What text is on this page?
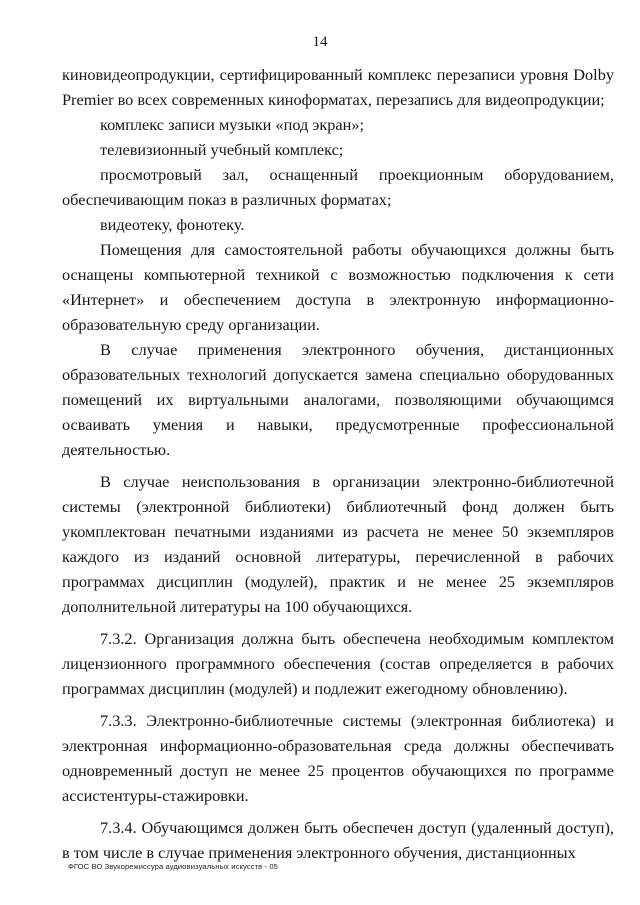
14

киновидеопродукции, сертифицированный комплекс перезаписи уровня Dolby Premier во всех современных киноформатах, перезапись для видеопродукции;

комплекс записи музыки «под экран»;

телевизионный учебный комплекс;

просмотровый зал, оснащенный проекционным оборудованием, обеспечивающим показ в различных форматах;

видеотеку, фонотеку.

Помещения для самостоятельной работы обучающихся должны быть оснащены компьютерной техникой с возможностью подключения к сети «Интернет» и обеспечением доступа в электронную информационно-образовательную среду организации.

В случае применения электронного обучения, дистанционных образовательных технологий допускается замена специально оборудованных помещений их виртуальными аналогами, позволяющими обучающимся осваивать умения и навыки, предусмотренные профессиональной деятельностью.

В случае неиспользования в организации электронно-библиотечной системы (электронной библиотеки) библиотечный фонд должен быть укомплектован печатными изданиями из расчета не менее 50 экземпляров каждого из изданий основной литературы, перечисленной в рабочих программах дисциплин (модулей), практик и не менее 25 экземпляров дополнительной литературы на 100 обучающихся.

7.3.2. Организация должна быть обеспечена необходимым комплектом лицензионного программного обеспечения (состав определяется в рабочих программах дисциплин (модулей) и подлежит ежегодному обновлению).

7.3.3. Электронно-библиотечные системы (электронная библиотека) и электронная информационно-образовательная среда должны обеспечивать одновременный доступ не менее 25 процентов обучающихся по программе ассистентуры-стажировки.

7.3.4. Обучающимся должен быть обеспечен доступ (удаленный доступ), в том числе в случае применения электронного обучения, дистанционных

ФГОС ВО Звукорежиссура аудиовизуальных искусств - 05
